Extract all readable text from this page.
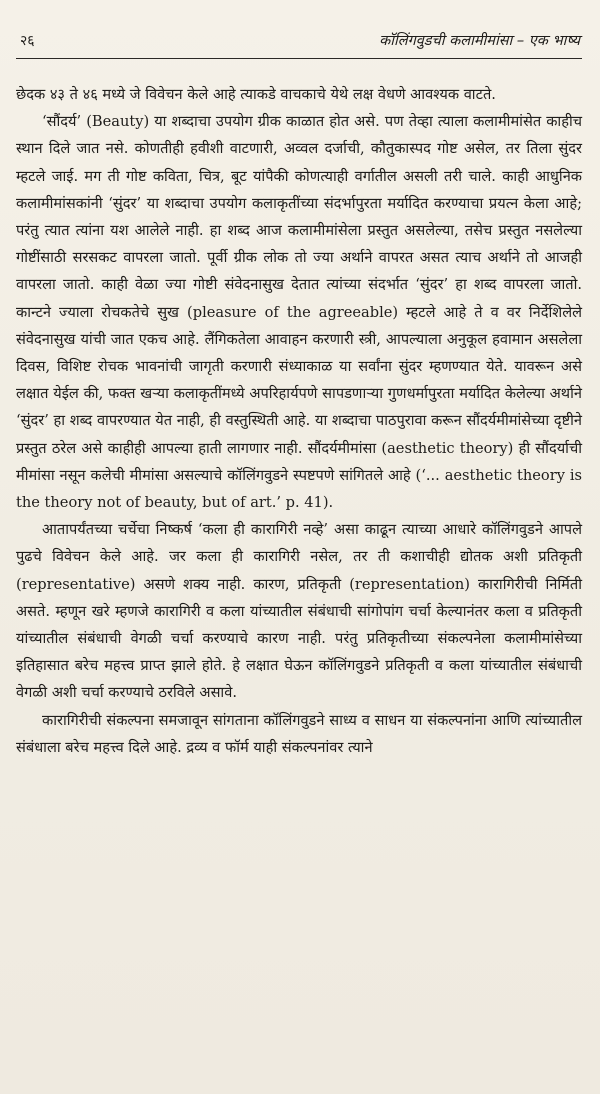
२६	कॉलिंगवुडची कलामीमांसा – एक भाष्य

छेदक ४३ ते ४६ मध्ये जे विवेचन केले आहे त्याकडे वाचकाचे येथे लक्ष वेधणे आवश्यक वाटते.

‘सौंदर्य’ (Beauty) या शब्दाचा उपयोग ग्रीक काळात होत असे. पण तेव्हा त्याला कलामीमांसेत काहीच स्थान दिले जात नसे. कोणतीही हवीशी वाटणारी, अव्वल दर्जाची, कौतुकास्पद गोष्ट असेल, तर तिला सुंदर म्हटले जाई. मग ती गोष्ट कविता, चित्र, बूट यांपैकी कोणत्याही वर्गातील असली तरी चाले. काही आधुनिक कलामीमांसकांनी ‘सुंदर’ या शब्दाचा उपयोग कलाकृतींच्या संदर्भापुरता मर्यादित करण्याचा प्रयत्न केला आहे; परंतु त्यात त्यांना यश आलेले नाही. हा शब्द आज कलामीमांसेला प्रस्तुत असलेल्या, तसेच प्रस्तुत नसलेल्या गोष्टींसाठी सरसकट वापरला जातो. पूर्वी ग्रीक लोक तो ज्या अर्थाने वापरत असत त्याच अर्थाने तो आजही वापरला जातो. काही वेळा ज्या गोष्टी संवेदनासुख देतात त्यांच्या संदर्भात ‘सुंदर’ हा शब्द वापरला जातो. कान्टने ज्याला रोचकतेचे सुख (pleasure of the agreeable) म्हटले आहे ते व वर निर्देशिलेले संवेदनासुख यांची जात एकच आहे. लैंगिकतेला आवाहन करणारी स्त्री, आपल्याला अनुकूल हवामान असलेला दिवस, विशिष्ट रोचक भावनांची जागृती करणारी संध्याकाळ या सर्वांना सुंदर म्हणण्यात येते. यावरून असे लक्षात येईल की, फक्त खऱ्या कलाकृतींमध्ये अपरिहार्यपणे सापडणाऱ्या गुणधर्मापुरता मर्यादित केलेल्या अर्थाने ‘सुंदर’ हा शब्द वापरण्यात येत नाही, ही वस्तुस्थिती आहे. या शब्दाचा पाठपुरावा करून सौंदर्यमीमांसेच्या दृष्टीने प्रस्तुत ठरेल असे काहीही आपल्या हाती लागणार नाही. सौंदर्यमीमांसा (aesthetic theory) ही सौंदर्याची मीमांसा नसून कलेची मीमांसा असल्याचे कॉलिंगवुडने स्पष्टपणे सांगितले आहे (‘... aesthetic theory is the theory not of beauty, but of art.’ p. 41).

आतापर्यंतच्या चर्चेचा निष्कर्ष ‘कला ही कारागिरी नव्हे’ असा काढून त्याच्या आधारे कॉलिंगवुडने आपले पुढचे विवेचन केले आहे. जर कला ही कारागिरी नसेल, तर ती कशाचीही द्योतक अशी प्रतिकृती (representative) असणे शक्य नाही. कारण, प्रतिकृती (representation) कारागिरीची निर्मिती असते. म्हणून खरे म्हणजे कारागिरी व कला यांच्यातील संबंधाची सांगोपांग चर्चा केल्यानंतर कला व प्रतिकृती यांच्यातील संबंधाची वेगळी चर्चा करण्याचे कारण नाही. परंतु प्रतिकृतीच्या संकल्पनेला कलामीमांसेच्या इतिहासात बरेच महत्त्व प्राप्त झाले होते. हे लक्षात घेऊन कॉलिंगवुडने प्रतिकृती व कला यांच्यातील संबंधाची वेगळी अशी चर्चा करण्याचे ठरविले असावे.

कारागिरीची संकल्पना समजावून सांगताना कॉलिंगवुडने साध्य व साधन या संकल्पनांना आणि त्यांच्यातील संबंधाला बरेच महत्त्व दिले आहे. द्रव्य व फॉर्म याही संकल्पनांवर त्याने
